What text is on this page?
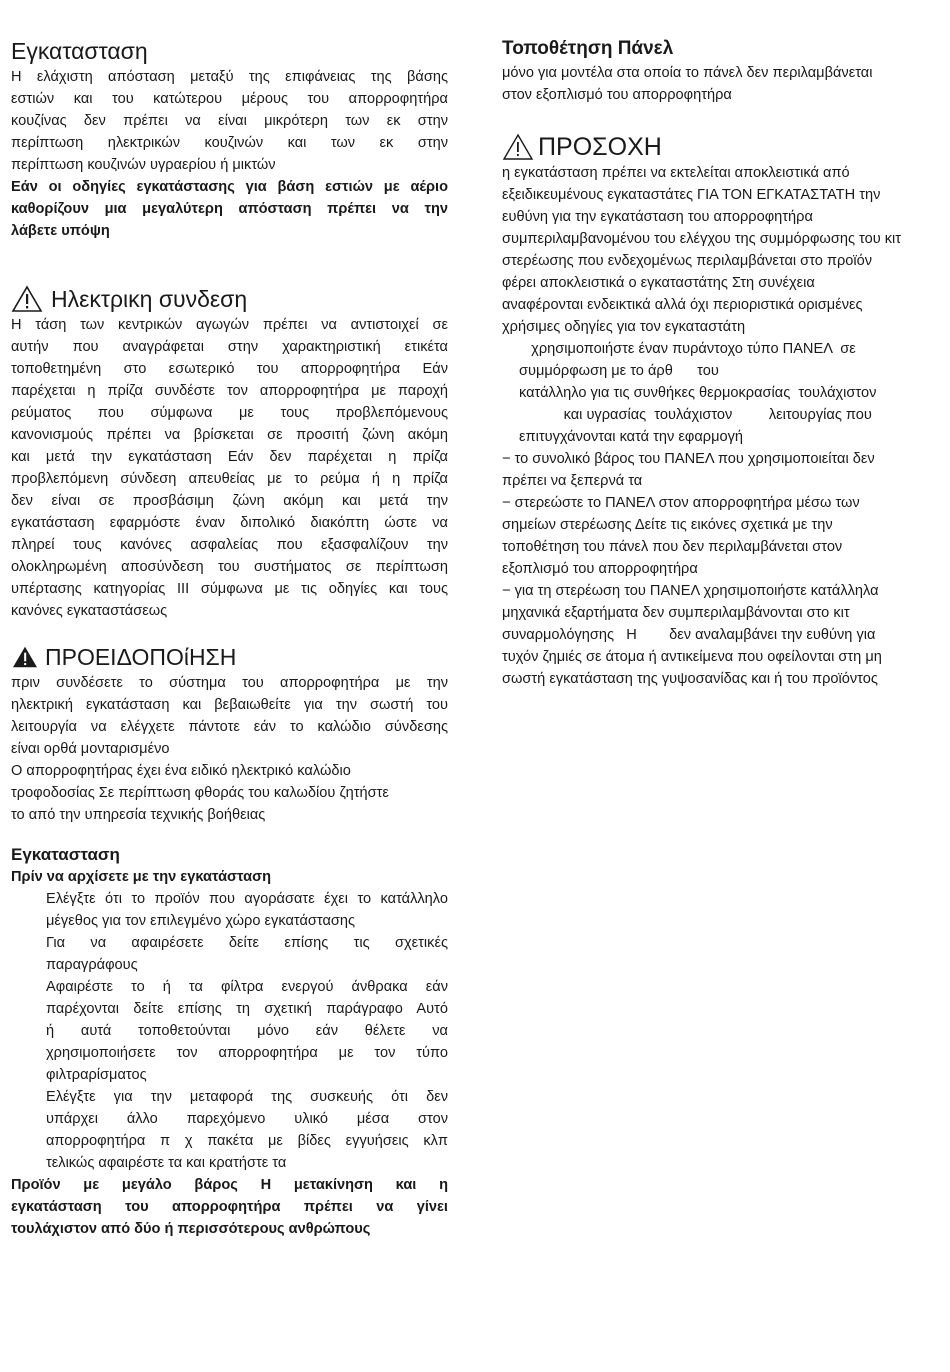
Εγκατασταση

Η ελάχιστη απόσταση μεταξύ της επιφάνειας της βάσης

εστιών και του κατώτερου μέρους του απορροφητήρα

κουζίνας δεν πρέπει να είναι μικρότερη των εκ στην

περίπτωση ηλεκτρικών κουζινών και των εκ στην

περίπτωση κουζινών υγραερίου ή μικτών

Εάν οι οδηγίες εγκατάστασης για βάση εστιών με αέριο

καθορίζουν μια μεγαλύτερη απόσταση πρέπει να την

λάβετε υπόψη

Ηλεκτρικη συνδεση

Η τάση των κεντρικών αγωγών πρέπει να αντιστοιχεί σε

αυτήν που αναγράφεται στην χαρακτηριστική ετικέτα

τοποθετημένη στο εσωτερικό του απορροφητήρα Εάν

παρέχεται η πρίζα συνδέστε τον απορροφητήρα με παροχή

ρεύματος που σύμφωνα με τους προβλεπόμενους

κανονισμούς πρέπει να βρίσκεται σε προσιτή ζώνη ακόμη

και μετά την εγκατάσταση Εάν δεν παρέχεται η πρίζα

προβλεπόμενη σύνδεση απευθείας με το ρεύμα ή η πρίζα

δεν είναι σε προσβάσιμη ζώνη ακόμη και μετά την

εγκατάσταση εφαρμόστε έναν διπολικό διακόπτη ώστε να

πληρεί τους κανόνες ασφαλείας που εξασφαλίζουν την

ολοκληρωμένη αποσύνδεση του συστήματος σε περίπτωση

υπέρτασης κατηγορίας III σύμφωνα με τις οδηγίες και τους

κανόνες εγκαταστάσεως

ΠΡΟΕΙΔΟΠΟίΗΣΗ

πριν συνδέσετε το σύστημα του απορροφητήρα με την

ηλεκτρική εγκατάσταση και βεβαιωθείτε για την σωστή του

λειτουργία να ελέγχετε πάντοτε εάν το καλώδιο σύνδεσης

είναι ορθά μονταρισμένο

Ο απορροφητήρας έχει ένα ειδικό ηλεκτρικό καλώδιο

τροφοδοσίας Σε περίπτωση φθοράς του καλωδίου ζητήστε

το από την υπηρεσία τεχνικής βοήθειας

Εγκατασταση

Πρίν να αρχίσετε με την εγκατάσταση

Ελέγξτε ότι το προϊόν που αγοράσατε έχει το κατάλληλο

μέγεθος για τον επιλεγμένο χώρο εγκατάστασης

Για να αφαιρέσετε δείτε επίσης τις σχετικές

παραγράφους

Αφαιρέστε το ή τα φίλτρα ενεργού άνθρακα εάν

παρέχονται δείτε επίσης τη σχετική παράγραφο Αυτό

ή αυτά τοποθετούνται μόνο εάν θέλετε να

χρησιμοποιήσετε τον απορροφητήρα με τον τύπο

φιλτραρίσματος

Ελέγξτε για την μεταφορά της συσκευής ότι δεν

υπάρχει άλλο παρεχόμενο υλικό μέσα στον

απορροφητήρα π χ πακέτα με βίδες εγγυήσεις κλπ

τελικώς αφαιρέστε τα και κρατήστε τα

Προϊόν με μεγάλο βάρος Η μετακίνηση και η

εγκατάσταση του απορροφητήρα πρέπει να γίνει

τουλάχιστον από δύο ή περισσότερους ανθρώπους

Τοποθέτηση Πάνελ

μόνο για μοντέλα στα οποία το πάνελ δεν περιλαμβάνεται

στον εξοπλισμό του απορροφητήρα

ΠΡΟΣΟΧΗ

η εγκατάσταση πρέπει να εκτελείται αποκλειστικά από

εξειδικευμένους εγκαταστάτες ΓΙΑ ΤΟΝ ΕΓΚΑΤΑΣΤΑΤΗ την

ευθύνη για την εγκατάσταση του απορροφητήρα

συμπεριλαμβανομένου του ελέγχου της συμμόρφωσης του κιτ

στερέωσης που ενδεχομένως περιλαμβάνεται στο προϊόν

φέρει αποκλειστικά ο εγκαταστάτης Στη συνέχεια

αναφέρονται ενδεικτικά αλλά όχι περιοριστικά ορισμένες

χρήσιμες οδηγίες για τον εγκαταστάτη

χρησιμοποιήστε έναν πυράντοχο τύπο ΠΑΝΕΛ  σε

συμμόρφωση με το άρθ      του

κατάλληλο για τις συνθήκες θερμοκρασίας  τουλάχιστον

και υγρασίας  τουλάχιστον         λειτουργίας που

επιτυγχάνονται κατά την εφαρμογή

− το συνολικό βάρος του ΠΑΝΕΛ που χρησιμοποιείται δεν

πρέπει να ξεπερνά τα

− στερεώστε το ΠΑΝΕΛ στον απορροφητήρα μέσω των

σημείων στερέωσης Δείτε τις εικόνες σχετικά με την

τοποθέτηση του πάνελ που δεν περιλαμβάνεται στον

εξοπλισμό του απορροφητήρα

− για τη στερέωση του ΠΑΝΕΛ χρησιμοποιήστε κατάλληλα

μηχανικά εξαρτήματα δεν συμπεριλαμβάνονται στο κιτ

συναρμολόγησης   Η        δεν αναλαμβάνει την ευθύνη για

τυχόν ζημιές σε άτομα ή αντικείμενα που οφείλονται στη μη

σωστή εγκατάσταση της γυψοσανίδας και ή του προϊόντος
